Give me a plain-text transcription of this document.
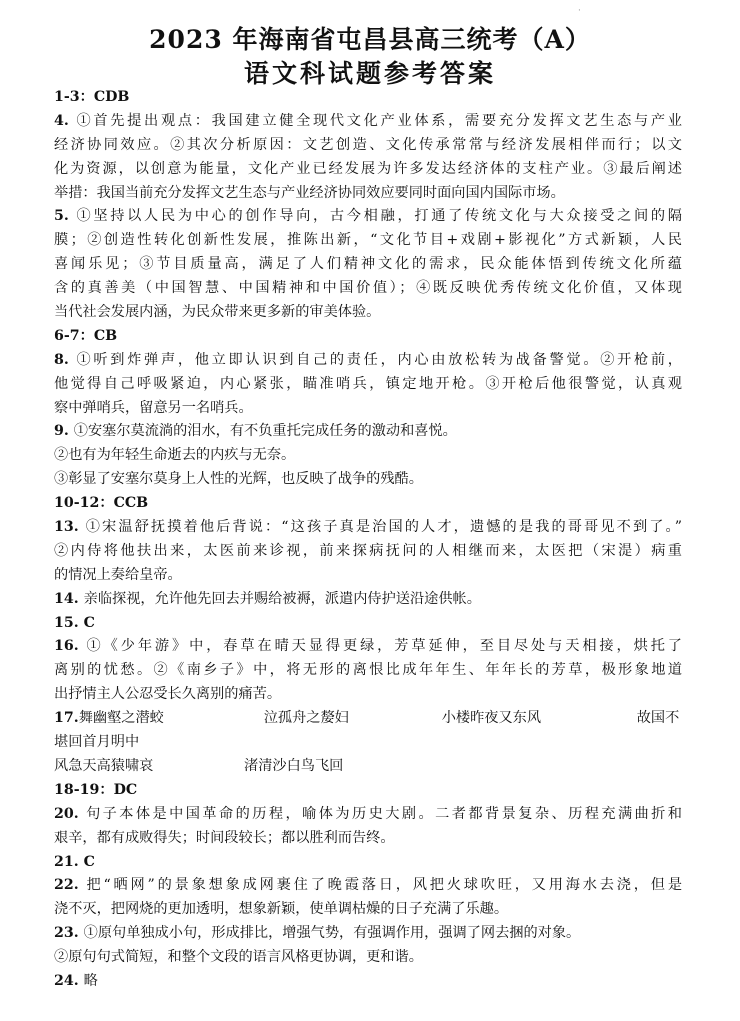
·
2023 年海南省屯昌县高三统考（A）
语文科试题参考答案
1-3：CDB
4. ①首先提出观点：我国建立健全现代文化产业体系，需要充分发挥文艺生态与产业
经济协同效应。②其次分析原因：文艺创造、文化传承常常与经济发展相伴而行；以文
化为资源，以创意为能量，文化产业已经发展为许多发达经济体的支柱产业。③最后阐述
举措：我国当前充分发挥文艺生态与产业经济协同效应要同时面向国内国际市场。
5. ①坚持以人民为中心的创作导向，古今相融，打通了传统文化与大众接受之间的隔
膜；②创造性转化创新性发展，推陈出新，“文化节目+戏剧+影视化”方式新颖，人民
喜闻乐见；③节目质量高，满足了人们精神文化的需求，民众能体悟到传统文化所蕴
含的真善美（中国智慧、中国精神和中国价值）；④既反映优秀传统文化价值，又体现
当代社会发展内涵，为民众带来更多新的审美体验。
6-7：CB
8. ①听到炸弹声，他立即认识到自己的责任，内心由放松转为战备警觉。②开枪前，
他觉得自己呼吸紧迫，内心紧张，瞄准哨兵，镇定地开枪。③开枪后他很警觉，认真观
察中弹哨兵，留意另一名哨兵。
9. ①安塞尔莫流淌的泪水，有不负重托完成任务的激动和喜悦。
②也有为年轻生命逝去的内疚与无奈。
③彰显了安塞尔莫身上人性的光辉，也反映了战争的残酷。
10-12：CCB
13. ①宋温舒抚摸着他后背说：“这孩子真是治国的人才，遗憾的是我的哥哥见不到了。”
②内侍将他扶出来，太医前来诊视，前来探病抚问的人相继而来，太医把（宋湜）病重
的情况上奏给皇帝。
14. 亲临探视，允许他先回去并赐给被褥，派遣内侍护送沿途供帐。
15. C
16. ①《少年游》中，春草在晴天显得更绿，芳草延伸，至目尽处与天相接，烘托了
离别的忧愁。②《南乡子》中，将无形的离恨比成年年生、年年长的芳草，极形象地道
出抒情主人公忍受长久离别的痛苦。
17.舞幽壑之潜蛟	泣孤舟之嫠妇	小楼昨夜又东风	故国不
堪回首月明中
风急天高猿啸哀	渚清沙白鸟飞回
18-19：DC
20. 句子本体是中国革命的历程，喻体为历史大剧。二者都背景复杂、历程充满曲折和
艰辛，都有成败得失；时间段较长；都以胜利而告终。
21. C
22. 把“晒网”的景象想象成网裹住了晚霞落日，风把火球吹旺，又用海水去浇，但是
浇不灭，把网烧的更加透明，想象新颖，使单调枯燥的日子充满了乐趣。
23. ①原句单独成小句，形成排比，增强气势，有强调作用，强调了网去捆的对象。
②原句句式简短，和整个文段的语言风格更协调，更和谐。
24. 略
